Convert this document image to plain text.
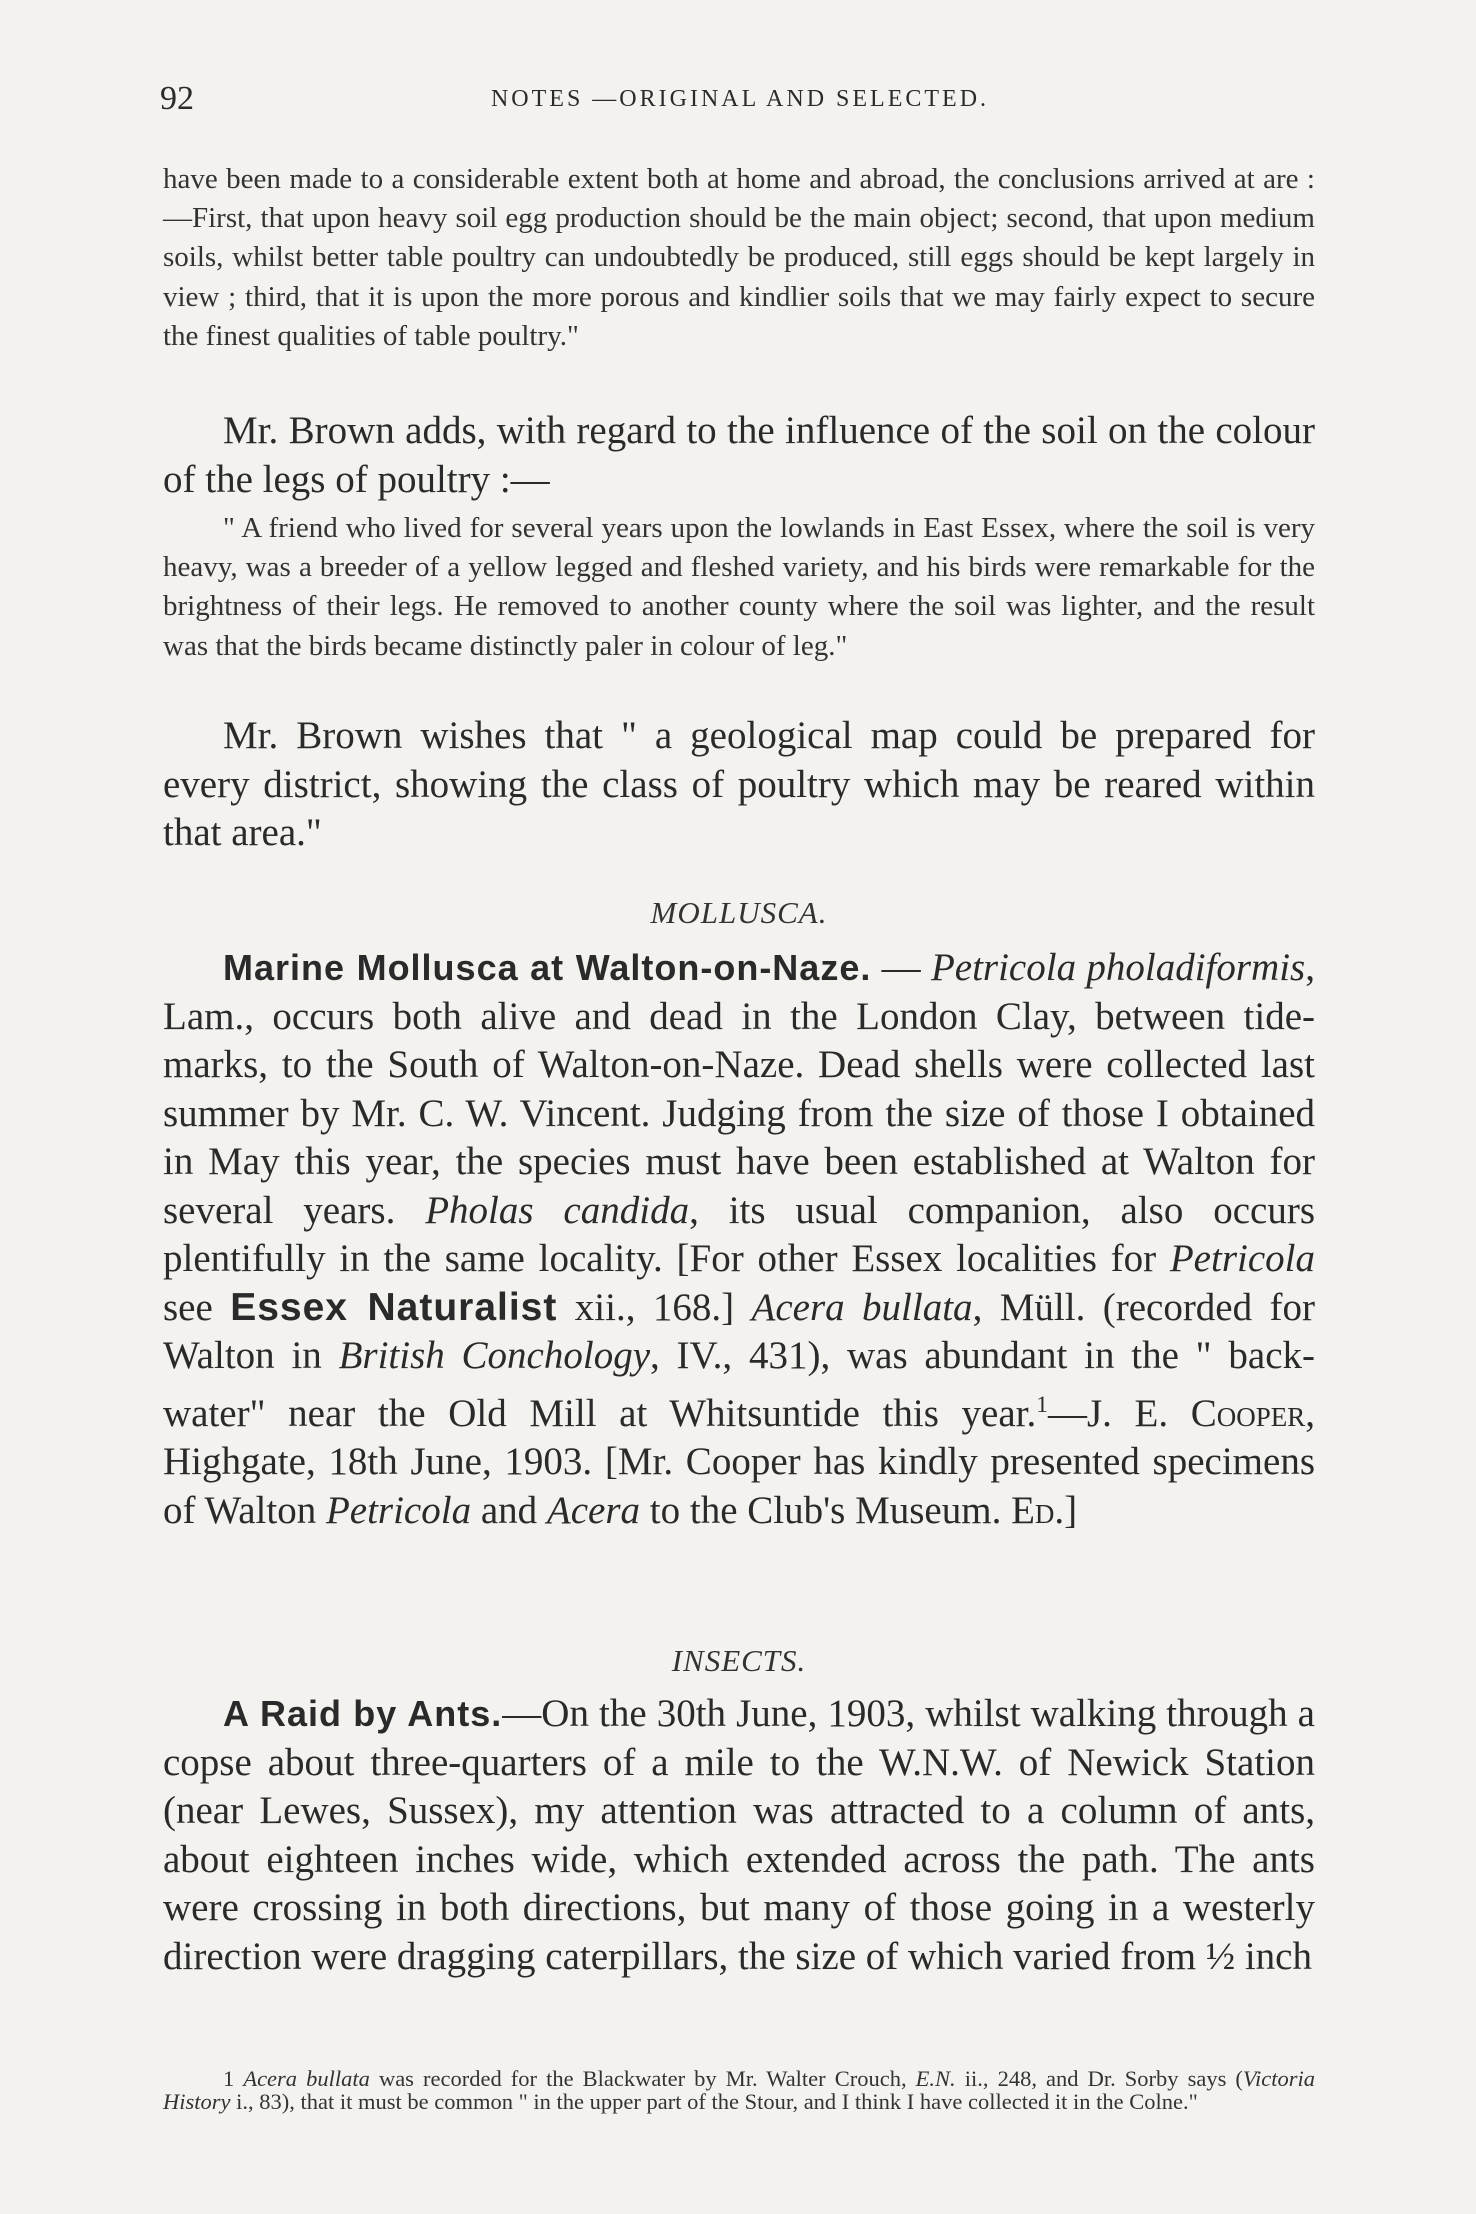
92	NOTES —ORIGINAL AND SELECTED.

have been made to a considerable extent both at home and abroad, the conclusions arrived at are :—First, that upon heavy soil egg production should be the main object; second, that upon medium soils, whilst better table poultry can undoubtedly be produced, still eggs should be kept largely in view ; third, that it is upon the more porous and kindlier soils that we may fairly expect to secure the finest qualities of table poultry."

Mr. Brown adds, with regard to the influence of the soil on the colour of the legs of poultry :—

" A friend who lived for several years upon the lowlands in East Essex, where the soil is very heavy, was a breeder of a yellow legged and fleshed variety, and his birds were remarkable for the brightness of their legs. He removed to another county where the soil was lighter, and the result was that the birds became distinctly paler in colour of leg."

Mr. Brown wishes that " a geological map could be prepared for every district, showing the class of poultry which may be reared within that area."

MOLLUSCA.

Marine Mollusca at Walton-on-Naze. — Petricola pholadiformis, Lam., occurs both alive and dead in the London Clay, between tide-marks, to the South of Walton-on-Naze. Dead shells were collected last summer by Mr. C. W. Vincent. Judging from the size of those I obtained in May this year, the species must have been established at Walton for several years. Pholas candida, its usual companion, also occurs plentifully in the same locality. [For other Essex localities for Petricola see Essex Naturalist xii., 168.] Acera bullata, Müll. (recorded for Walton in British Conchology, IV., 431), was abundant in the " back-water" near the Old Mill at Whitsuntide this year.$^1$—J. E. Cooper, Highgate, 18th June, 1903. [Mr. Cooper has kindly presented specimens of Walton Petricola and Acera to the Club's Museum. Ed.]

INSECTS.

A Raid by Ants.—On the 30th June, 1903, whilst walking through a copse about three-quarters of a mile to the W.N.W. of Newick Station (near Lewes, Sussex), my attention was attracted to a column of ants, about eighteen inches wide, which extended across the path. The ants were crossing in both directions, but many of those going in a westerly direction were dragging caterpillars, the size of which varied from ½ inch

1 Acera bullata was recorded for the Blackwater by Mr. Walter Crouch, E.N. ii., 248, and Dr. Sorby says (Victoria History i., 83), that it must be common " in the upper part of the Stour, and I think I have collected it in the Colne."
